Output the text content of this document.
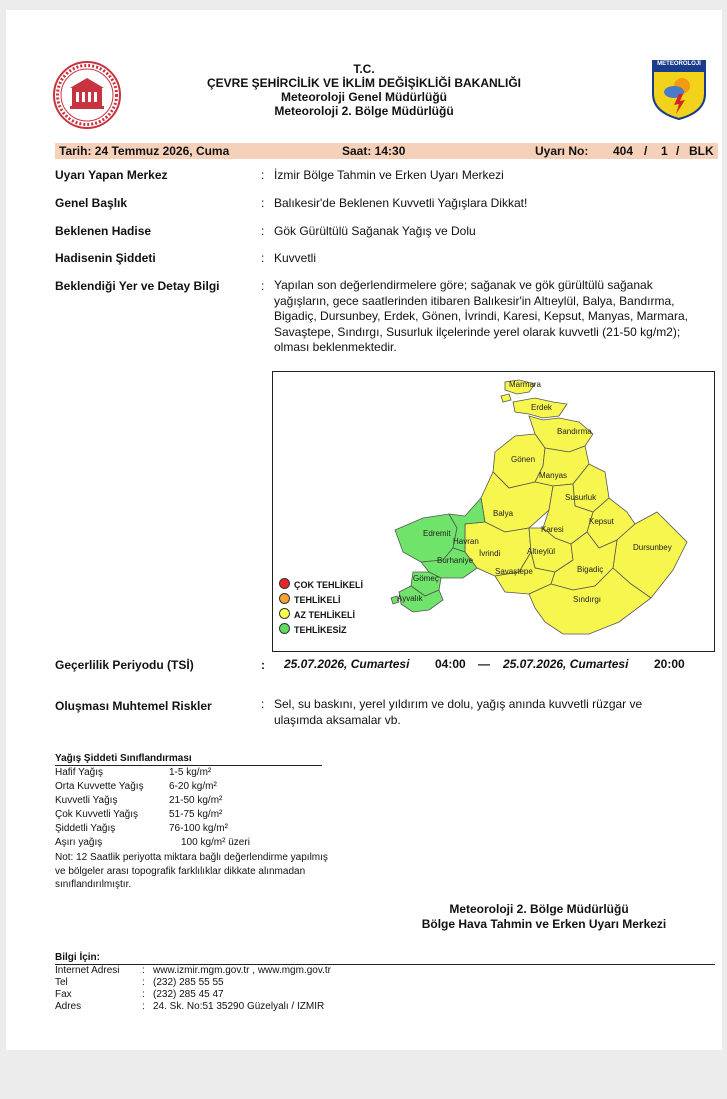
METEOROLOJİ
T.C.
ÇEVRE ŞEHİRCİLİK VE İKLİM DEĞİŞİKLİĞİ BAKANLIĞI
Meteoroloji Genel Müdürlüğü
Meteoroloji 2. Bölge Müdürlüğü
Tarih: 24 Temmuz 2026, Cuma	Saat: 14:30	Uyarı No: 404 / 1 / BLK
Uyarı Yapan Merkez	: İzmir Bölge Tahmin ve Erken Uyarı Merkezi
Genel Başlık	: Balıkesir'de Beklenen Kuvvetli Yağışlara Dikkat!
Beklenen Hadise	: Gök Gürültülü Sağanak Yağış ve Dolu
Hadisenin Şiddeti	: Kuvvetli
Beklendiği Yer ve Detay Bilgi	: Yapılan son değerlendirmelere göre; sağanak ve gök gürültülü sağanak yağışların, gece saatlerinden itibaren Balıkesir'in Altıeylül, Balya, Bandırma, Bigadiç, Dursunbey, Erdek, Gönen, İvrindi, Karesi, Kepsut, Manyas, Marmara, Savaştepe, Sındırgı, Susurluk ilçelerinde yerel olarak kuvvetli (21-50 kg/m2); olması beklenmektedir.
Marmara
Erdek
Bandırma
Gönen
Manyas
Susurluk
Balya
Kepsut
Karesi
Edremit
Havran
İvrindi	Altıeylül	Dursunbey
Burhaniye
Savaştepe	Bigadiç
Gömeç
Ayvalık	Sındırgı
ÇOK TEHLİKELİ
TEHLİKELİ
AZ TEHLİKELİ
TEHLİKESİZ
Geçerlilik Periyodu (TSİ)	: 25.07.2026, Cumartesi 04:00 — 25.07.2026, Cumartesi 20:00
Oluşması Muhtemel Riskler	: Sel, su baskını, yerel yıldırım ve dolu, yağış anında kuvvetli rüzgar ve ulaşımda aksamalar vb.
Yağış Şiddeti Sınıflandırması
Hafif Yağış	1-5 kg/m²
Orta Kuvvette Yağış	6-20 kg/m²
Kuvvetli Yağış	21-50 kg/m²
Çok Kuvvetli Yağış	51-75 kg/m²
Şiddetli Yağış	76-100 kg/m²
Aşırı yağış	100 kg/m² üzeri
Not: 12 Saatlik periyotta miktara bağlı değerlendirme yapılmış ve bölgeler arası topografik farklılıklar dikkate alınmadan sınıflandırılmıştır.
Meteoroloji 2. Bölge Müdürlüğü
Bölge Hava Tahmin ve Erken Uyarı Merkezi
Bilgi İçin:
İnternet Adresi : www.izmir.mgm.gov.tr , www.mgm.gov.tr
Tel	: (232) 285 55 55
Fax	: (232) 285 45 47
Adres	: 24. Sk. No:51 35290 Güzelyalı / IZMIR
